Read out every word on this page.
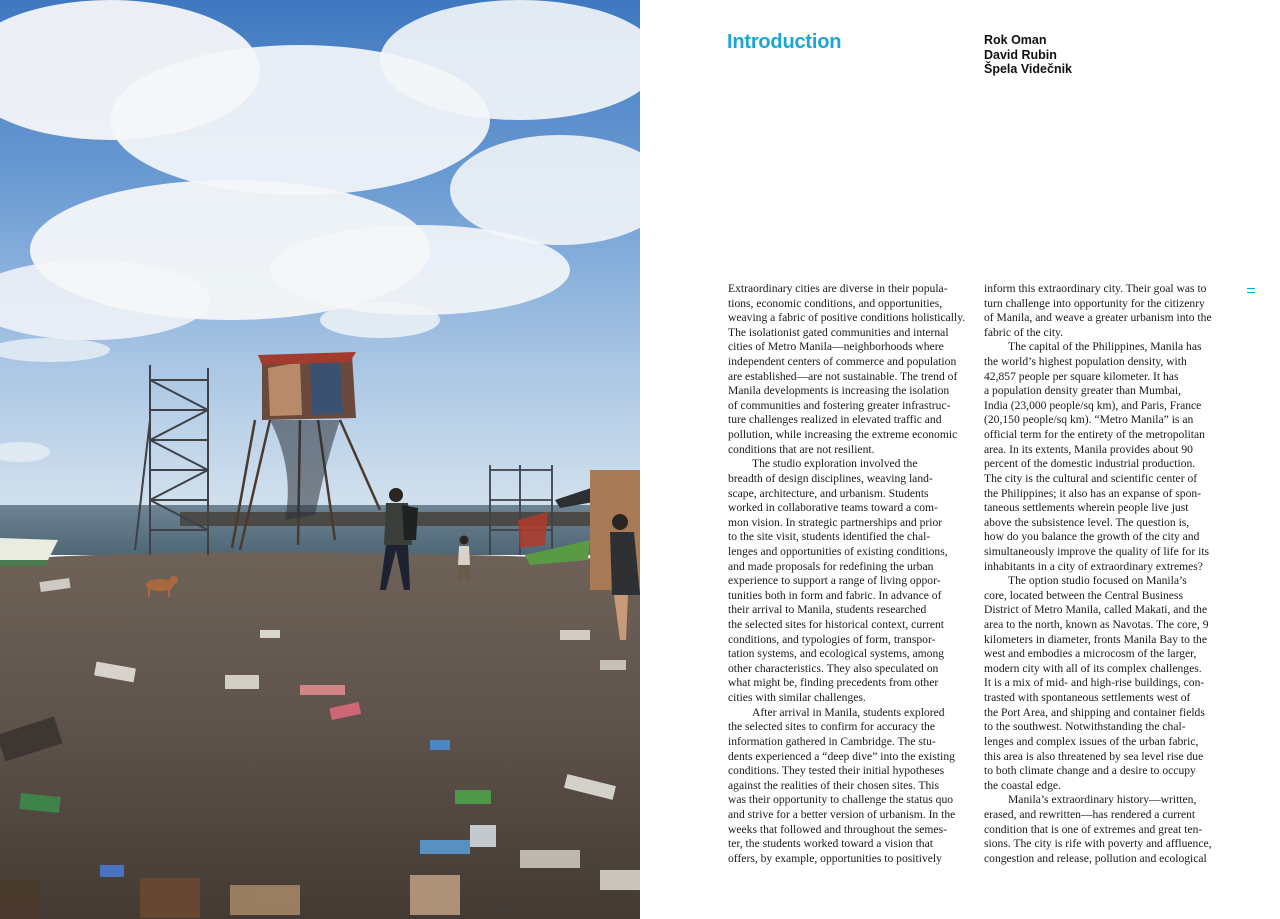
Introduction	Rok Oman
David Rubin
Špela Videčnik
Extraordinary cities are diverse in their popula-
tions, economic conditions, and opportunities,
weaving a fabric of positive conditions holistically.
The isolationist gated communities and internal
cities of Metro Manila—neighborhoods where
independent centers of commerce and population
are established—are not sustainable. The trend of
Manila developments is increasing the isolation
of communities and fostering greater infrastruc-
ture challenges realized in elevated traffic and
pollution, while increasing the extreme economic
conditions that are not resilient.
The studio exploration involved the
breadth of design disciplines, weaving land-
scape, architecture, and urbanism. Students
worked in collaborative teams toward a com-
mon vision. In strategic partnerships and prior
to the site visit, students identified the chal-
lenges and opportunities of existing conditions,
and made proposals for redefining the urban
experience to support a range of living oppor-
tunities both in form and fabric. In advance of
their arrival to Manila, students researched
the selected sites for historical context, current
conditions, and typologies of form, transpor-
tation systems, and ecological systems, among
other characteristics. They also speculated on
what might be, finding precedents from other
cities with similar challenges.
After arrival in Manila, students explored
the selected sites to confirm for accuracy the
information gathered in Cambridge. The stu-
dents experienced a “deep dive” into the existing
conditions. They tested their initial hypotheses
against the realities of their chosen sites. This
was their opportunity to challenge the status quo
and strive for a better version of urbanism. In the
weeks that followed and throughout the semes-
ter, the students worked toward a vision that
offers, by example, opportunities to positively
inform this extraordinary city. Their goal was to
turn challenge into opportunity for the citizenry
of Manila, and weave a greater urbanism into the
fabric of the city.
The capital of the Philippines, Manila has
the world’s highest population density, with
42,857 people per square kilometer. It has
a population density greater than Mumbai,
India (23,000 people/sq km), and Paris, France
(20,150 people/sq km). “Metro Manila” is an
official term for the entirety of the metropolitan
area. In its extents, Manila provides about 90
percent of the domestic industrial production.
The city is the cultural and scientific center of
the Philippines; it also has an expanse of spon-
taneous settlements wherein people live just
above the subsistence level. The question is,
how do you balance the growth of the city and
simultaneously improve the quality of life for its
inhabitants in a city of extraordinary extremes?
The option studio focused on Manila’s
core, located between the Central Business
District of Metro Manila, called Makati, and the
area to the north, known as Navotas. The core, 9
kilometers in diameter, fronts Manila Bay to the
west and embodies a microcosm of the larger,
modern city with all of its complex challenges.
It is a mix of mid- and high-rise buildings, con-
trasted with spontaneous settlements west of
the Port Area, and shipping and container fields
to the southwest. Notwithstanding the chal-
lenges and complex issues of the urban fabric,
this area is also threatened by sea level rise due
to both climate change and a desire to occupy
the coastal edge.
Manila’s extraordinary history—written,
erased, and rewritten—has rendered a current
condition that is one of extremes and great ten-
sions. The city is rife with poverty and affluence,
congestion and release, pollution and ecological
